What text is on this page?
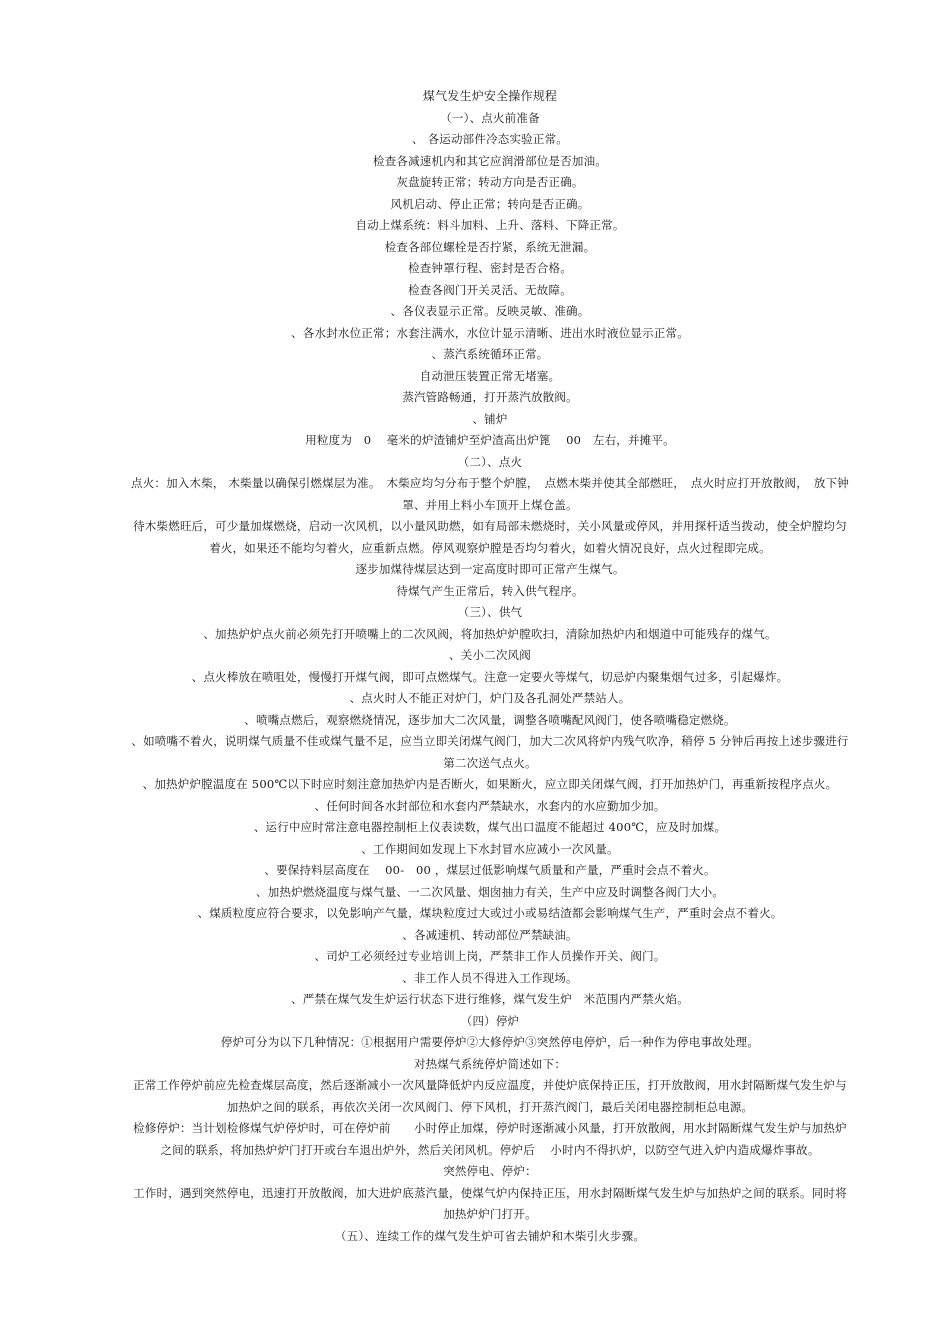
煤气发生炉安全操作规程
（一）、点火前准备
、 各运动部件冷态实验正常。
检查各减速机内和其它应润滑部位是否加油。
灰盘旋转正常；转动方向是否正确。
风机启动、停止正常；转向是否正确。
自动上煤系统：料斗加料、上升、落料、下降正常。
检查各部位螺栓是否拧紧，系统无泄漏。
检查钟罩行程、密封是否合格。
检查各阀门开关灵活、无故障。
、各仪表显示正常。反映灵敏、准确。
、各水封水位正常；水套注满水，水位计显示清晰、进出水时液位显示正常。
、蒸汽系统循环正常。
自动泄压装置正常无堵塞。
蒸汽管路畅通，打开蒸汽放散阀。
、铺炉
用粒度为　0　 毫米的炉渣铺炉至炉渣高出炉篦　 00　左右，并摊平。
（二）、点火
点火：加入木柴， 木柴量以确保引燃煤层为准。　木柴应均匀分布于整个炉膛，　点燃木柴并使其全部燃旺，　点火时应打开放散阀，　放下钟罩、并用上料小车顶开上煤仓盖。
待木柴燃旺后，可少量加煤燃烧，启动一次风机，以小量风助燃，如有局部未燃烧时，关小风量或停风，并用探杆适当拨动，使全炉膛均匀着火，如果还不能均匀着火，应重新点燃。停风观察炉膛是否均匀着火，如着火情况良好，点火过程即完成。
逐步加煤待煤层达到一定高度时即可正常产生煤气。
待煤气产生正常后，转入供气程序。
（三）、供气
、加热炉炉点火前必须先打开喷嘴上的二次风阀，将加热炉炉膛吹扫，清除加热炉内和烟道中可能残存的煤气。
、关小二次风阀
、点火棒放在喷咀处，慢慢打开煤气阀，即可点燃煤气。注意一定要火等煤气，切忌炉内聚集烟气过多，引起爆炸。
、点火时人不能正对炉门，炉门及各孔洞处严禁站人。
、喷嘴点燃后，观察燃烧情况，逐步加大二次风量，调整各喷嘴配风阀门，使各喷嘴稳定燃烧。
、如喷嘴不着火，说明煤气质量不佳或煤气量不足，应当立即关闭煤气阀门，加大二次风将炉内残气吹净，稍停 5 分钟后再按上述步骤进行第二次送气点火。
、加热炉炉膛温度在 500℃以下时应时刻注意加热炉内是否断火，如果断火，应立即关闭煤气阀，打开加热炉门，再重新按程序点火。
、任何时间各水封部位和水套内严禁缺水，水套内的水应勤加少加。
、运行中应时常注意电器控制柜上仪表读数，煤气出口温度不能超过 400℃，应及时加煤。
、工作期间如发现上下水封冒水应减小一次风量。
、要保持料层高度在　 00-　00 ，煤层过低影响煤气质量和产量，严重时会点不着火。
、加热炉燃烧温度与煤气量、一二次风量、烟囱抽力有关，生产中应及时调整各阀门大小。
、煤质粒度应符合要求，以免影响产气量，煤块粒度过大或过小或易结渣都会影响煤气生产，严重时会点不着火。
、各减速机、转动部位严禁缺油。
、司炉工必须经过专业培训上岗，严禁非工作人员操作开关、阀门。
、非工作人员不得进入工作现场。
、严禁在煤气发生炉运行状态下进行维修，煤气发生炉　米范围内严禁火焰。
（四）停炉
停炉可分为以下几种情况：①根据用户需要停炉②大修停炉③突然停电停炉，后一种作为停电事故处理。
对热煤气系统停炉简述如下：
正常工作停炉前应先检查煤层高度，然后逐渐减小一次风量降低炉内反应温度，并使炉底保持正压，打开放散阀，用水封隔断煤气发生炉与加热炉之间的联系，再依次关闭一次风阀门、停下风机，打开蒸汽阀门，最后关闭电器控制柜总电源。
检修停炉：当计划检修煤气炉停炉时，可在停炉前　　小时停止加煤，停炉时逐渐减小风量，打开放散阀，用水封隔断煤气发生炉与加热炉之间的联系，将加热炉炉门打开或台车退出炉外，然后关闭风机。停炉后　 小时内不得扒炉，以防空气进入炉内造成爆炸事故。
突然停电、停炉：
工作时，遇到突然停电，迅速打开放散阀，加大进炉底蒸汽量，使煤气炉内保持正压，用水封隔断煤气发生炉与加热炉之间的联系。同时将加热炉炉门打开。
（五）、连续工作的煤气发生炉可省去铺炉和木柴引火步骤。
